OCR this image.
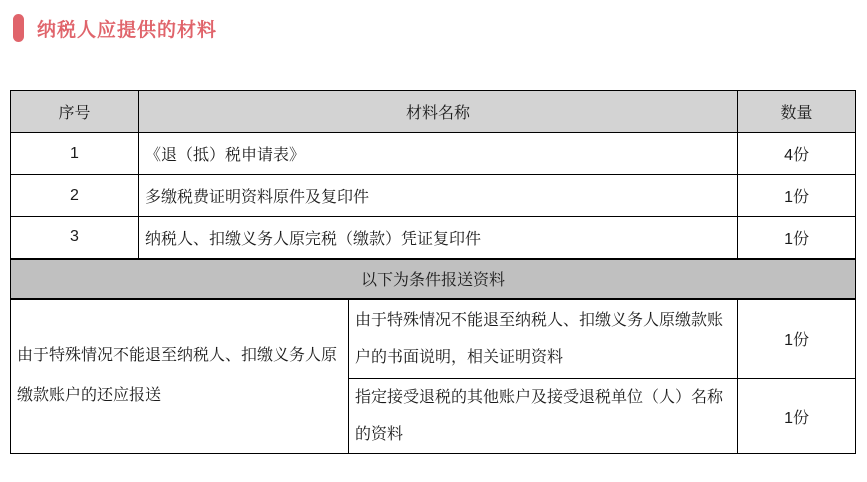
纳税人应提供的材料
序号	材料名称		数量
1	《退（抵）税申请表》		4份
2	多缴税费证明资料原件及复印件		1份
3	纳税人、扣缴义务人原完税（缴款）凭证复印件		1份
以下为条件报送资料			
由于特殊情况不能退至纳税人、扣缴义务人原缴款账户的还应报送		由于特殊情况不能退至纳税人、扣缴义务人原缴款账户的书面说明，相关证明资料	1份
		指定接受退税的其他账户及接受退税单位（人）名称的资料	1份
